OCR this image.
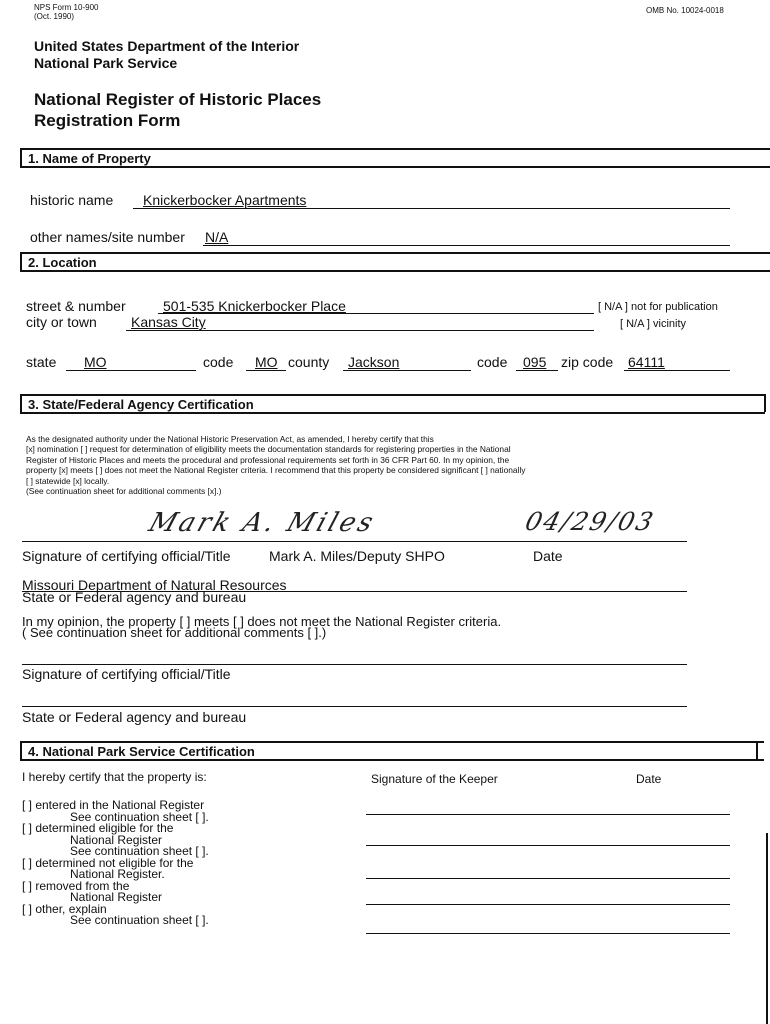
NPS Form 10-900
(Oct. 1990)
OMB No. 10024-0018
United States Department of the Interior
National Park Service
National Register of Historic Places
Registration Form
1. Name of Property
historic name Knickerbocker Apartments
other names/site number N/A
2. Location
street & number	501-535 Knickerbocker Place	[ N/A ] not for publication
city or town Kansas City	[ N/A ] vicinity
state MO	code MO county Jackson	code 095 zip code 64111
3. State/Federal Agency Certification
As the designated authority under the National Historic Preservation Act, as amended, I hereby certify that this
[x] nomination [ ] request for determination of eligibility meets the documentation standards for registering properties in the National
Register of Historic Places and meets the procedural and professional requirements set forth in 36 CFR Part 60. In my opinion, the
property [x] meets [ ] does not meet the National Register criteria. I recommend that this property be considered significant [ ] nationally
[ ] statewide [x] locally.
(See continuation sheet for additional comments [x].)
Mark A. Miles	04/29/03
Signature of certifying official/Title	Mark A. Miles/Deputy SHPO	Date
Missouri Department of Natural Resources
State or Federal agency and bureau
In my opinion, the property [ ] meets [ ] does not meet the National Register criteria.
( See continuation sheet for additional comments [ ].)
Signature of certifying official/Title
State or Federal agency and bureau
4. National Park Service Certification
I hereby certify that the property is:	Signature of the Keeper	Date
[ ] entered in the National Register
See continuation sheet [ ].
[ ] determined eligible for the
National Register
See continuation sheet [ ].
[ ] determined not eligible for the
National Register.
[ ] removed from the
National Register
[ ] other, explain
See continuation sheet [ ].
